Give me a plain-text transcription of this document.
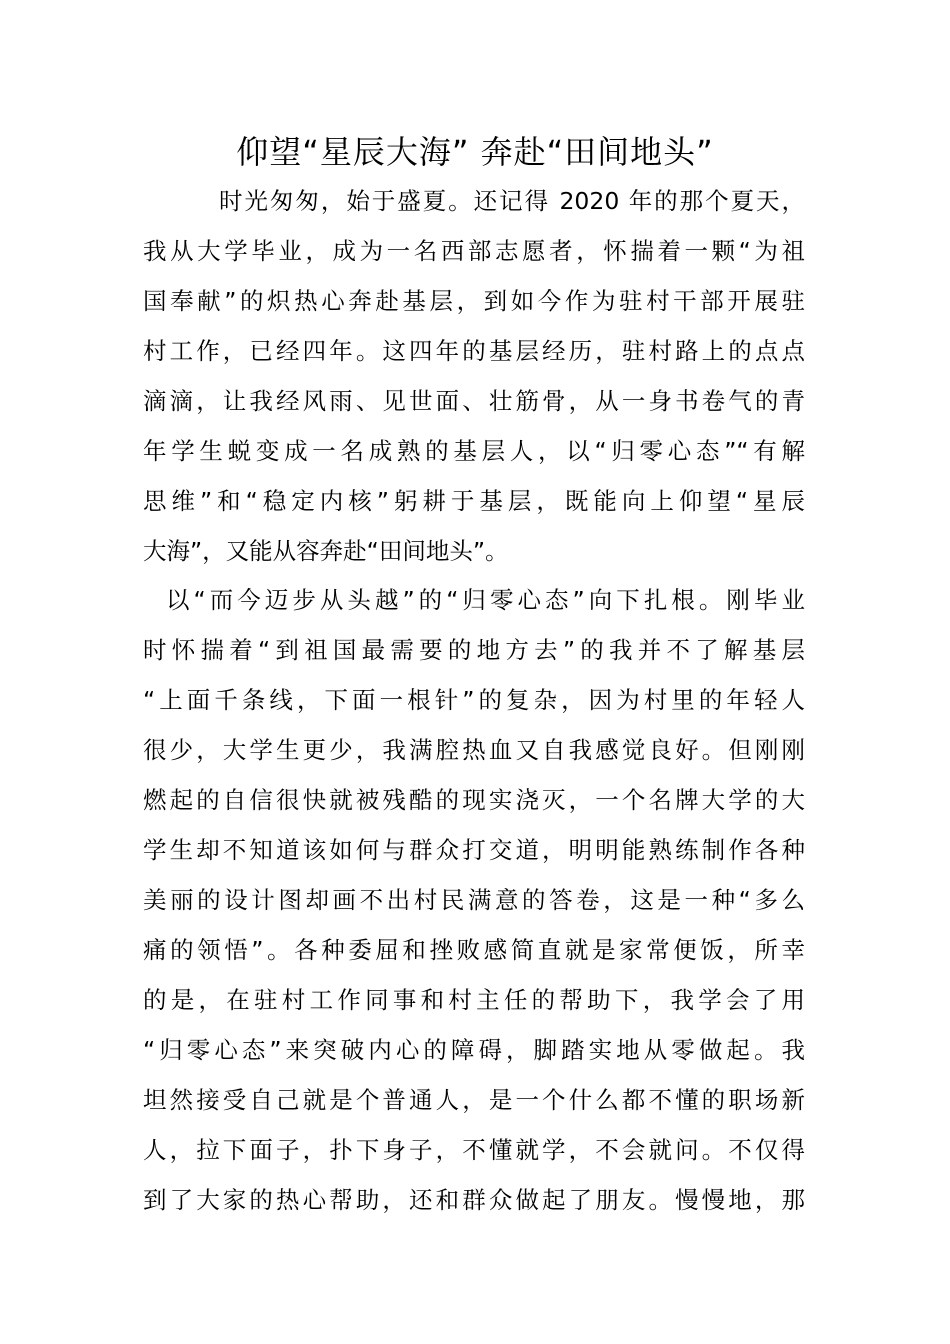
仰望“星辰大海” 奔赴“田间地头”

时光匆匆，始于盛夏。还记得 2020 年的那个夏天，

我从大学毕业，成为一名西部志愿者，怀揣着一颗“为祖

国奉献”的炽热心奔赴基层，到如今作为驻村干部开展驻

村工作，已经四年。这四年的基层经历，驻村路上的点点

滴滴，让我经风雨、见世面、壮筋骨，从一身书卷气的青

年学生蜕变成一名成熟的基层人，以“归零心态”“有解

思维”和“稳定内核”躬耕于基层，既能向上仰望“星辰

大海”，又能从容奔赴“田间地头”。

以“而今迈步从头越”的“归零心态”向下扎根。刚毕业

时怀揣着“到祖国最需要的地方去”的我并不了解基层

“上面千条线，下面一根针”的复杂，因为村里的年轻人

很少，大学生更少，我满腔热血又自我感觉良好。但刚刚

燃起的自信很快就被残酷的现实浇灭，一个名牌大学的大

学生却不知道该如何与群众打交道，明明能熟练制作各种

美丽的设计图却画不出村民满意的答卷，这是一种“多么

痛的领悟”。各种委屈和挫败感简直就是家常便饭，所幸

的是，在驻村工作同事和村主任的帮助下，我学会了用

“归零心态”来突破内心的障碍，脚踏实地从零做起。我

坦然接受自己就是个普通人，是一个什么都不懂的职场新

人，拉下面子，扑下身子，不懂就学，不会就问。不仅得

到了大家的热心帮助，还和群众做起了朋友。慢慢地，那
